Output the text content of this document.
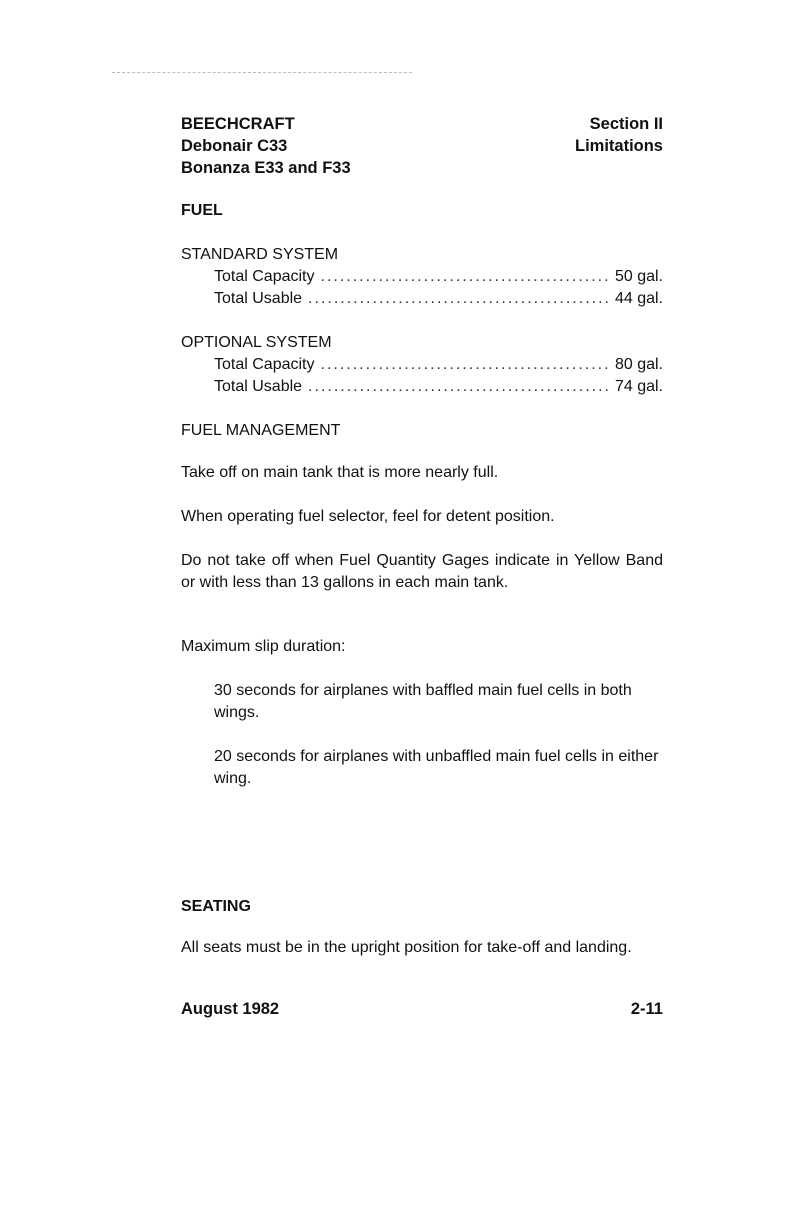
BEECHCRAFT
Debonair C33
Bonanza E33 and F33
Section II
Limitations
FUEL
STANDARD SYSTEM
Total Capacity .....	50 gal.
Total Usable .....	44 gal.
OPTIONAL SYSTEM
Total Capacity .....	80 gal.
Total Usable .....	74 gal.
FUEL MANAGEMENT
Take off on main tank that is more nearly full.
When operating fuel selector, feel for detent position.
Do not take off when Fuel Quantity Gages indicate in Yellow Band or with less than 13 gallons in each main tank.
Maximum slip duration:
30 seconds for airplanes with baffled main fuel cells in both wings.
20 seconds for airplanes with unbaffled main fuel cells in either wing.
SEATING
All seats must be in the upright position for take-off and landing.
August 1982	2-11
